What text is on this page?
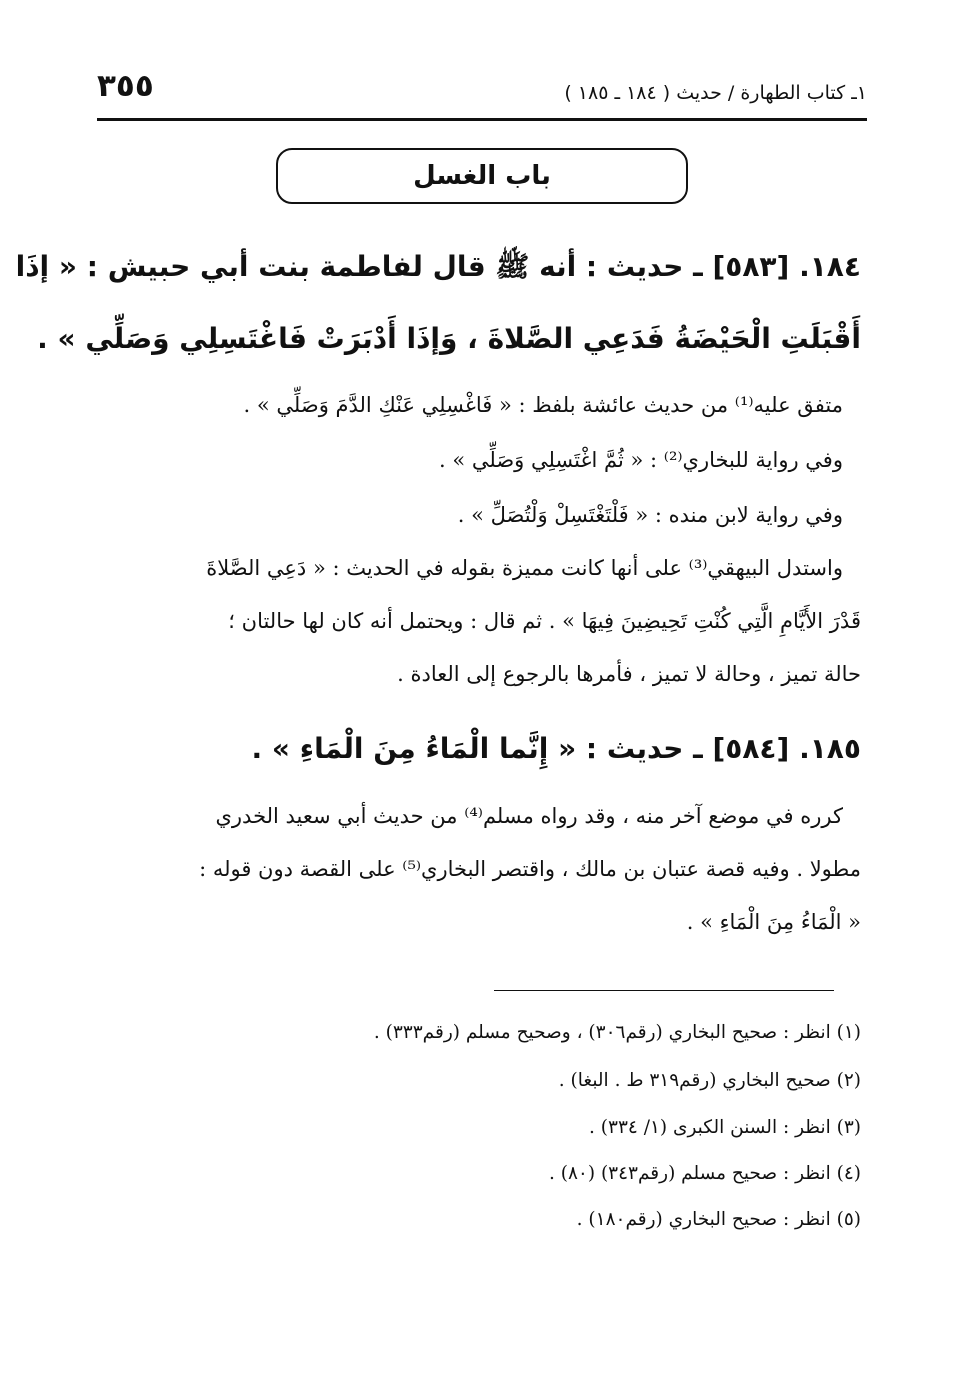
٣٥٥	١ـ كتاب الطهارة / حديث ( ١٨٤ ـ ١٨٥ )
باب الغسل
١٨٤. [٥٨٣] ـ حديث : أنه ﷺ قال لفاطمة بنت أبي حبيش : « إذَا
أَقْبَلَتِ الْحَيْضَةُ فَدَعِي الصَّلاةَ ، وَإذَا أَدْبَرَتْ فَاغْتَسِلِي وَصَلِّي » .
متفق عليه⁽¹⁾ من حديث عائشة بلفظ : « فَاغْسِلِي عَنْكِ الدَّمَ وَصَلِّي » .
وفي رواية للبخاري⁽²⁾ : « ثُمَّ اغْتَسِلِي وَصَلِّي » .
وفي رواية لابن منده : « فَلْتَغْتَسِلْ وَلْتُصَلِّ » .
واستدل البيهقي⁽³⁾ على أنها كانت مميزة بقوله في الحديث : « دَعِي الصَّلاةَ
قَدْرَ الأَيَّامِ الَّتِي كُنْتِ تَحِيضِينَ فِيهَا » . ثم قال : ويحتمل أنه كان لها حالتان ؛
حالة تميز ، وحالة لا تميز ، فأمرها بالرجوع إلى العادة .
١٨٥. [٥٨٤] ـ حديث : « إِنَّما الْمَاءُ مِنَ الْمَاءِ » .
كرره في موضع آخر منه ، وقد رواه مسلم⁽⁴⁾ من حديث أبي سعيد الخدري
مطولا . وفيه قصة عتبان بن مالك ، واقتصر البخاري⁽⁵⁾ على القصة دون قوله :
« الْمَاءُ مِنَ الْمَاءِ » .
(١) انظر : صحيح البخاري (رقم٣٠٦) ، وصحيح مسلم (رقم٣٣٣) .
(٢) صحيح البخاري (رقم٣١٩ ط . البغا) .
(٣) انظر : السنن الكبرى (١/ ٣٣٤) .
(٤) انظر : صحيح مسلم (رقم٣٤٣) (٨٠) .
(٥) انظر : صحيح البخاري (رقم١٨٠) .
